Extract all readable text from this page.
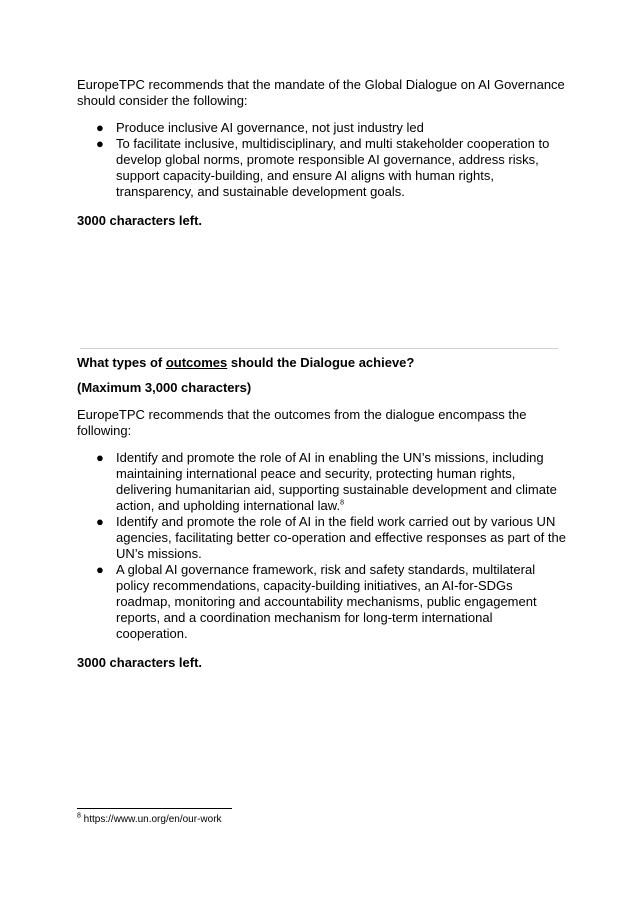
EuropeTPC recommends that the mandate of the Global Dialogue on AI Governance should consider the following:

● Produce inclusive AI governance, not just industry led
● To facilitate inclusive, multidisciplinary, and multi stakeholder cooperation to develop global norms, promote responsible AI governance, address risks, support capacity-building, and ensure AI aligns with human rights, transparency, and sustainable development goals.

3000 characters left.

What types of outcomes should the Dialogue achieve?

(Maximum 3,000 characters)

EuropeTPC recommends that the outcomes from the dialogue encompass the following:

● Identify and promote the role of AI in enabling the UN’s missions, including maintaining international peace and security, protecting human rights, delivering humanitarian aid, supporting sustainable development and climate action, and upholding international law.$^8$
● Identify and promote the role of AI in the field work carried out by various UN agencies, facilitating better co-operation and effective responses as part of the UN’s missions.
● A global AI governance framework, risk and safety standards, multilateral policy recommendations, capacity-building initiatives, an AI-for-SDGs roadmap, monitoring and accountability mechanisms, public engagement reports, and a coordination mechanism for long-term international cooperation.

3000 characters left.

$^8$ https://www.un.org/en/our-work
